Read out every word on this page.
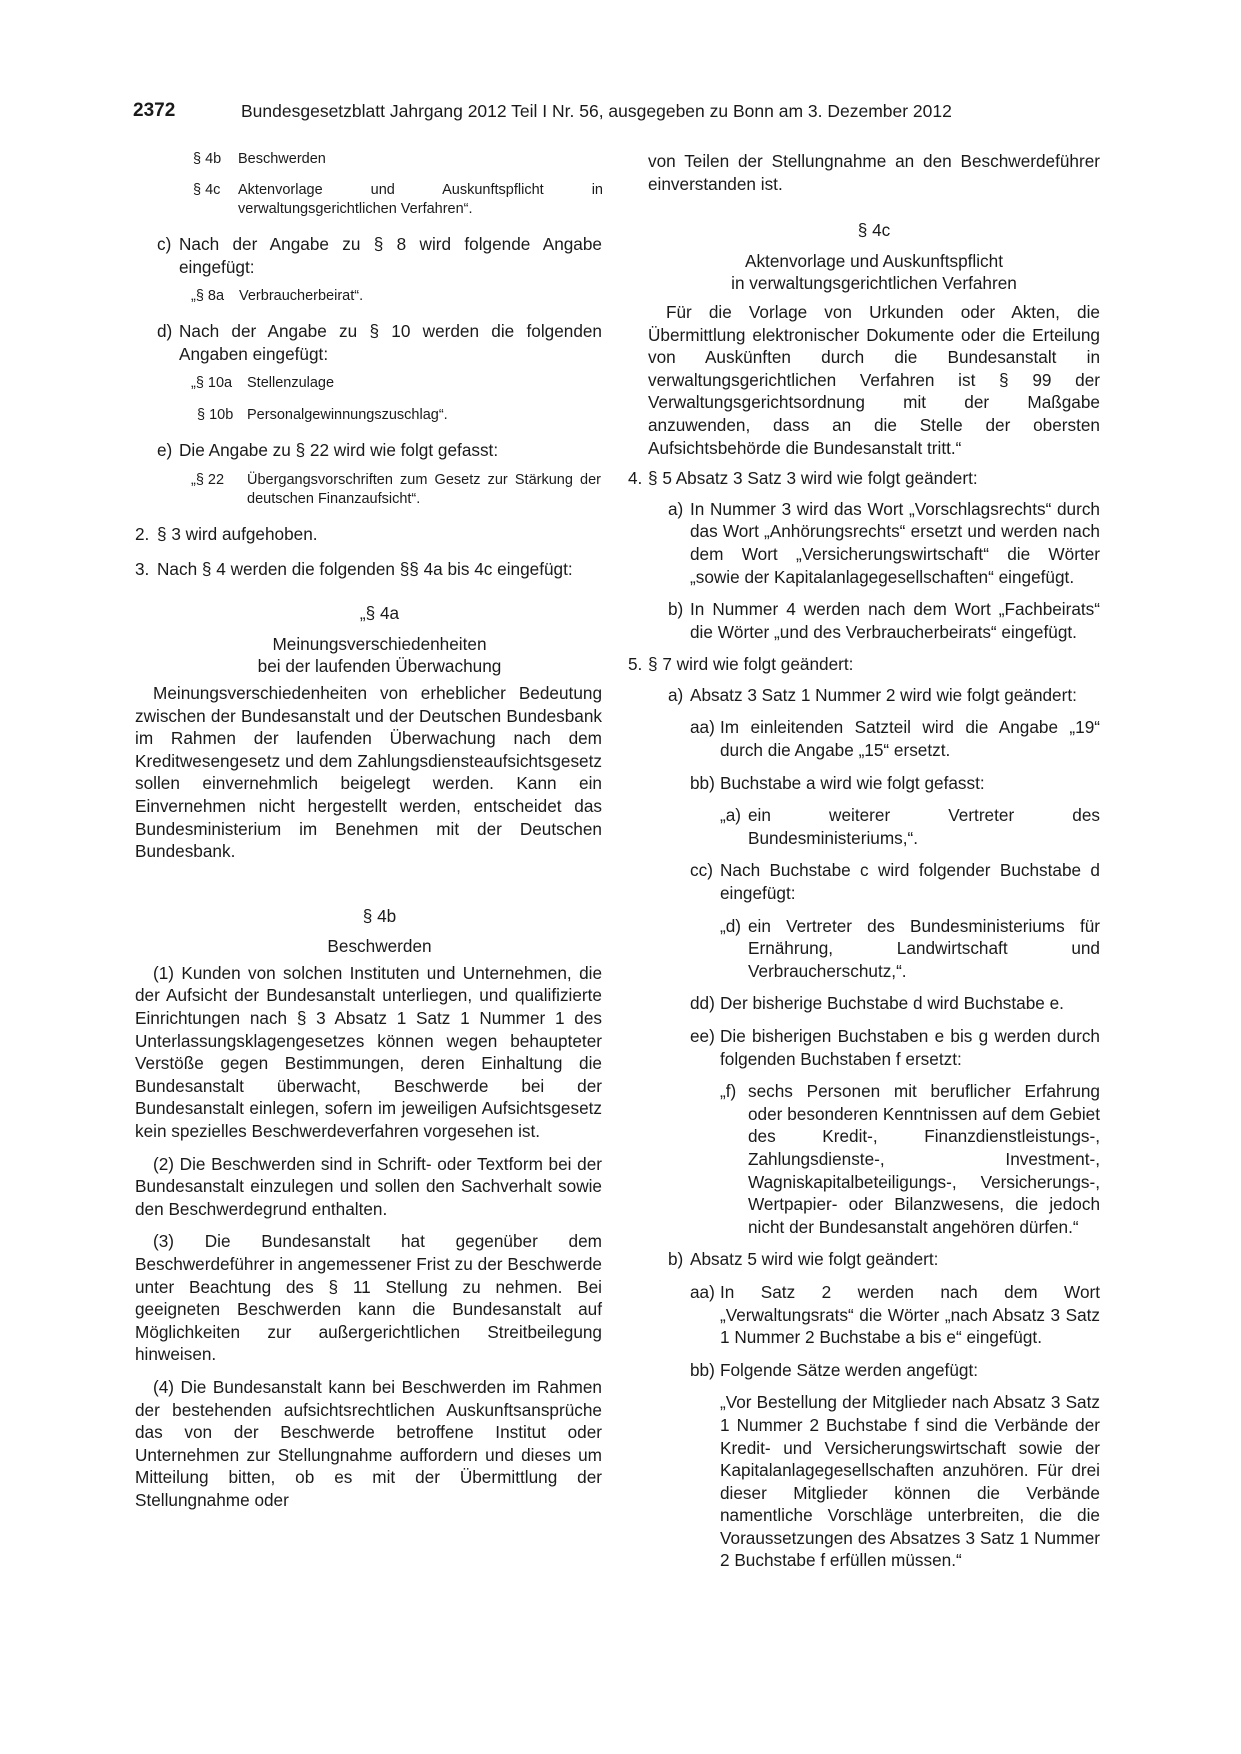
2372	Bundesgesetzblatt Jahrgang 2012 Teil I Nr. 56, ausgegeben zu Bonn am 3. Dezember 2012
§ 4b	Beschwerden
§ 4c	Aktenvorlage und Auskunftspflicht in verwaltungsgerichtlichen Verfahren“.
c) Nach der Angabe zu § 8 wird folgende Angabe eingefügt:
„§ 8a	Verbraucherbeirat“.
d) Nach der Angabe zu § 10 werden die folgenden Angaben eingefügt:
„§ 10a	Stellenzulage
§ 10b Personalgewinnungszuschlag“.
e) Die Angabe zu § 22 wird wie folgt gefasst:
„§ 22	Übergangsvorschriften zum Gesetz zur Stärkung der deutschen Finanzaufsicht“.
2. § 3 wird aufgehoben.
3. Nach § 4 werden die folgenden §§ 4a bis 4c eingefügt:

„§ 4a

Meinungsverschiedenheiten

bei der laufenden Überwachung

Meinungsverschiedenheiten von erheblicher Bedeutung zwischen der Bundesanstalt und der Deutschen Bundesbank im Rahmen der laufenden Überwachung nach dem Kreditwesengesetz und dem Zahlungsdiensteaufsichtsgesetz sollen einvernehmlich beigelegt werden. Kann ein Einvernehmen nicht hergestellt werden, entscheidet das Bundesministerium im Benehmen mit der Deutschen Bundesbank.

§ 4b

Beschwerden

(1) Kunden von solchen Instituten und Unternehmen, die der Aufsicht der Bundesanstalt unterliegen, und qualifizierte Einrichtungen nach § 3 Absatz 1 Satz 1 Nummer 1 des Unterlassungsklagengesetzes können wegen behaupteter Verstöße gegen Bestimmungen, deren Einhaltung die Bundesanstalt überwacht, Beschwerde bei der Bundesanstalt einlegen, sofern im jeweiligen Aufsichtsgesetz kein spezielles Beschwerdeverfahren vorgesehen ist.

(2) Die Beschwerden sind in Schrift- oder Textform bei der Bundesanstalt einzulegen und sollen den Sachverhalt sowie den Beschwerdegrund enthalten.

(3) Die Bundesanstalt hat gegenüber dem Beschwerdeführer in angemessener Frist zu der Beschwerde unter Beachtung des § 11 Stellung zu nehmen. Bei geeigneten Beschwerden kann die Bundesanstalt auf Möglichkeiten zur außergerichtlichen Streitbeilegung hinweisen.

(4) Die Bundesanstalt kann bei Beschwerden im Rahmen der bestehenden aufsichtsrechtlichen Auskunftsansprüche das von der Beschwerde betroffene Institut oder Unternehmen zur Stellungnahme auffordern und dieses um Mitteilung bitten, ob es mit der Übermittlung der Stellungnahme oder

von Teilen der Stellungnahme an den Beschwerdeführer einverstanden ist.

§ 4c

Aktenvorlage und Auskunftspflicht

in verwaltungsgerichtlichen Verfahren

Für die Vorlage von Urkunden oder Akten, die Übermittlung elektronischer Dokumente oder die Erteilung von Auskünften durch die Bundesanstalt in verwaltungsgerichtlichen Verfahren ist § 99 der Verwaltungsgerichtsordnung mit der Maßgabe anzuwenden, dass an die Stelle der obersten Aufsichtsbehörde die Bundesanstalt tritt.“

4. § 5 Absatz 3 Satz 3 wird wie folgt geändert:
a) In Nummer 3 wird das Wort „Vorschlagsrechts“ durch das Wort „Anhörungsrechts“ ersetzt und werden nach dem Wort „Versicherungswirtschaft“ die Wörter „sowie der Kapitalanlagegesellschaften“ eingefügt.
b) In Nummer 4 werden nach dem Wort „Fachbeirats“ die Wörter „und des Verbraucherbeirats“ eingefügt.
5. § 7 wird wie folgt geändert:
a) Absatz 3 Satz 1 Nummer 2 wird wie folgt geändert:
aa) Im einleitenden Satzteil wird die Angabe „19“ durch die Angabe „15“ ersetzt.
bb) Buchstabe a wird wie folgt gefasst:
„a) ein weiterer Vertreter des Bundesministeriums,“.
cc) Nach Buchstabe c wird folgender Buchstabe d eingefügt:
„d) ein Vertreter des Bundesministeriums für Ernährung, Landwirtschaft und Verbraucherschutz,“.
dd) Der bisherige Buchstabe d wird Buchstabe e.
ee) Die bisherigen Buchstaben e bis g werden durch folgenden Buchstaben f ersetzt:
„f) sechs Personen mit beruflicher Erfahrung oder besonderen Kenntnissen auf dem Gebiet des Kredit-, Finanzdienstleistungs-, Zahlungsdienste-, Investment-, Wagniskapitalbeteiligungs-, Versicherungs-, Wertpapier- oder Bilanzwesens, die jedoch nicht der Bundesanstalt angehören dürfen.“
b) Absatz 5 wird wie folgt geändert:
aa) In Satz 2 werden nach dem Wort „Verwaltungsrats“ die Wörter „nach Absatz 3 Satz 1 Nummer 2 Buchstabe a bis e“ eingefügt.
bb) Folgende Sätze werden angefügt:

„Vor Bestellung der Mitglieder nach Absatz 3 Satz 1 Nummer 2 Buchstabe f sind die Verbände der Kredit- und Versicherungswirtschaft sowie der Kapitalanlagegesellschaften anzuhören. Für drei dieser Mitglieder können die Verbände namentliche Vorschläge unterbreiten, die die Voraussetzungen des Absatzes 3 Satz 1 Nummer 2 Buchstabe f erfüllen müssen.“
